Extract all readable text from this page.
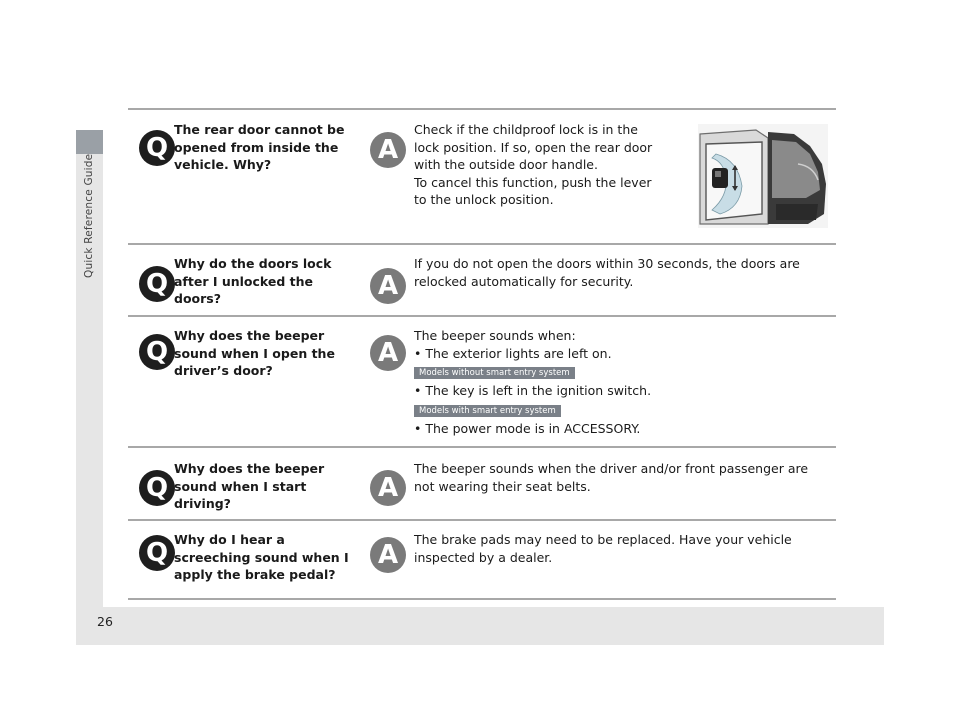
Quick Reference Guide
26
Q
The rear door cannot be opened from inside the vehicle. Why?	A
Check if the childproof lock is in the
lock position. If so, open the rear door
with the outside door handle.
To cancel this function, push the lever
to the unlock position.
Q
Why do the doors lock after I unlocked the doors?	A
If you do not open the doors within 30 seconds, the doors are
relocked automatically for security.
Q
Why does the beeper sound when I open the driver’s door?
A
The beeper sounds when:
• The exterior lights are left on.
Models without smart entry system
• The key is left in the ignition switch.
Models with smart entry system
• The power mode is in ACCESSORY.
Q
Why does the beeper sound when I start driving?
A
The beeper sounds when the driver and/or front passenger are
not wearing their seat belts.
Q Why do I hear a screeching sound when I apply the brake pedal?
A
The brake pads may need to be replaced. Have your vehicle
inspected by a dealer.
